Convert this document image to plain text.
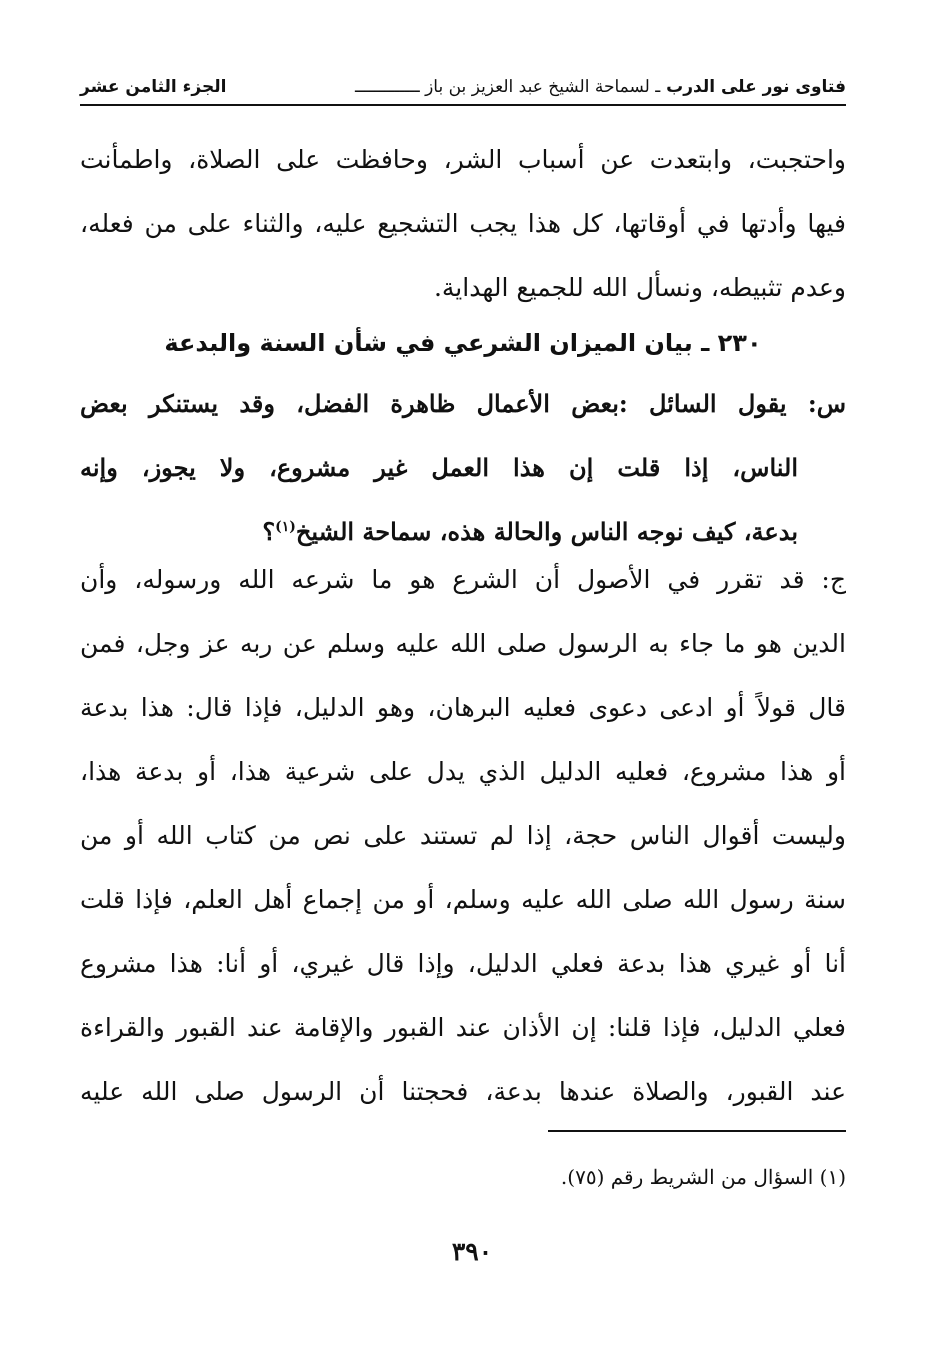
فتاوى نور على الدرب ـ لسماحة الشيخ عبد العزيز بن باز ـــــــــــــ
الجزء الثامن عشر
واحتجبت، وابتعدت عن أسباب الشر، وحافظت على الصلاة، واطمأنت
فيها وأدتها في أوقاتها، كل هذا يجب التشجيع عليه، والثناء على من فعله،
وعدم تثبيطه، ونسأل الله للجميع الهداية.
٢٣٠ ـ بيان الميزان الشرعي في شأن السنة والبدعة
س: يقول السائل :بعض الأعمال ظاهرة الفضل، وقد يستنكر بعض
الناس، إذا قلت إن هذا العمل غير مشروع، ولا يجوز، وإنه
بدعة، كيف نوجه الناس والحالة هذه، سماحة الشيخ$^{(١)}$؟
ج: قد تقرر في الأصول أن الشرع هو ما شرعه الله ورسوله، وأن
الدين هو ما جاء به الرسول صلى الله عليه وسلم عن ربه عز وجل، فمن
قال قولاً أو ادعى دعوى فعليه البرهان، وهو الدليل، فإذا قال: هذا بدعة
أو هذا مشروع، فعليه الدليل الذي يدل على شرعية هذا، أو بدعة هذا،
وليست أقوال الناس حجة، إذا لم تستند على نص من كتاب الله أو من
سنة رسول الله صلى الله عليه وسلم، أو من إجماع أهل العلم، فإذا قلت
أنا أو غيري هذا بدعة فعلي الدليل، وإذا قال غيري، أو أنا: هذا مشروع
فعلي الدليل، فإذا قلنا: إن الأذان عند القبور والإقامة عند القبور والقراءة
عند القبور، والصلاة عندها بدعة، فحجتنا أن الرسول صلى الله عليه
(١) السؤال من الشريط رقم (٧٥).
٣٩٠
